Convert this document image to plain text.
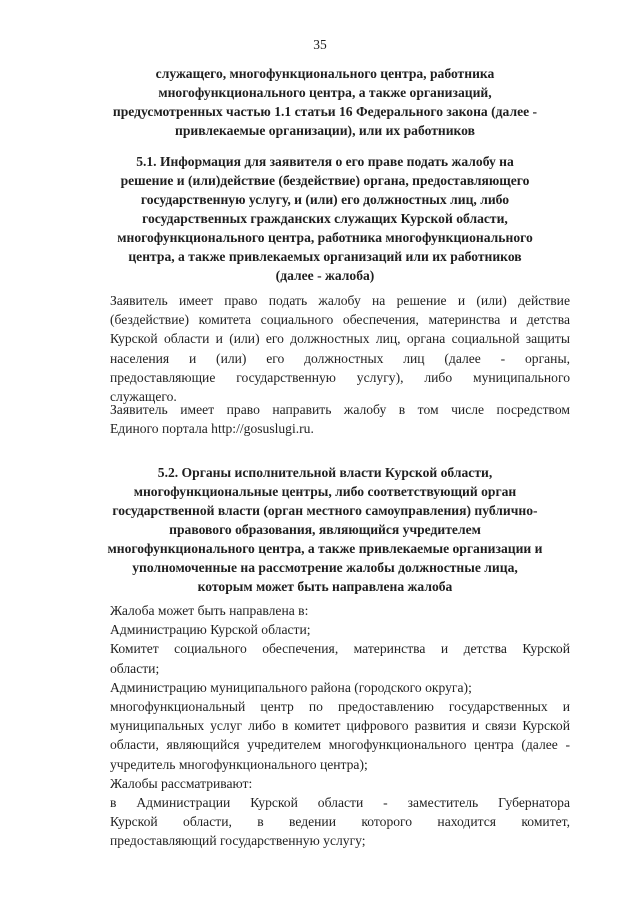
35
служащего, многофункционального центра, работника
многофункционального центра, а также организаций,
предусмотренных частью 1.1 статьи 16 Федерального закона (далее -
привлекаемые организации), или их работников
5.1. Информация для заявителя о его праве подать жалобу на
решение и (или)действие (бездействие) органа, предоставляющего
государственную услугу, и (или) его должностных лиц, либо
государственных гражданских служащих Курской области,
многофункционального центра, работника многофункционального
центра, а также привлекаемых организаций или их работников
(далее - жалоба)
Заявитель имеет право подать жалобу на решение и (или) действие
(бездействие) комитета социального обеспечения, материнства и детства
Курской области и (или) его должностных лиц, органа социальной защиты
населения и (или) его должностных лиц (далее - органы,
предоставляющие государственную услугу), либо муниципального
служащего.
Заявитель имеет право направить жалобу в том числе посредством
Единого портала http://gosuslugi.ru.
5.2. Органы исполнительной власти Курской области,
многофункциональные центры, либо соответствующий орган
государственной власти (орган местного самоуправления) публично-
правового образования, являющийся учредителем
многофункционального центра, а также привлекаемые организации и
уполномоченные на рассмотрение жалобы должностные лица,
которым может быть направлена жалоба
Жалоба может быть направлена в:
Администрацию Курской области;
Комитет социального обеспечения, материнства и детства Курской
области;
Администрацию муниципального района (городского округа);
многофункциональный центр по предоставлению государственных и
муниципальных услуг либо в комитет цифрового развития и связи Курской
области, являющийся учредителем многофункционального центра (далее -
учредитель многофункционального центра);
Жалобы рассматривают:
в Администрации Курской области - заместитель Губернатора
Курской области, в ведении которого находится комитет,
предоставляющий государственную услугу;
